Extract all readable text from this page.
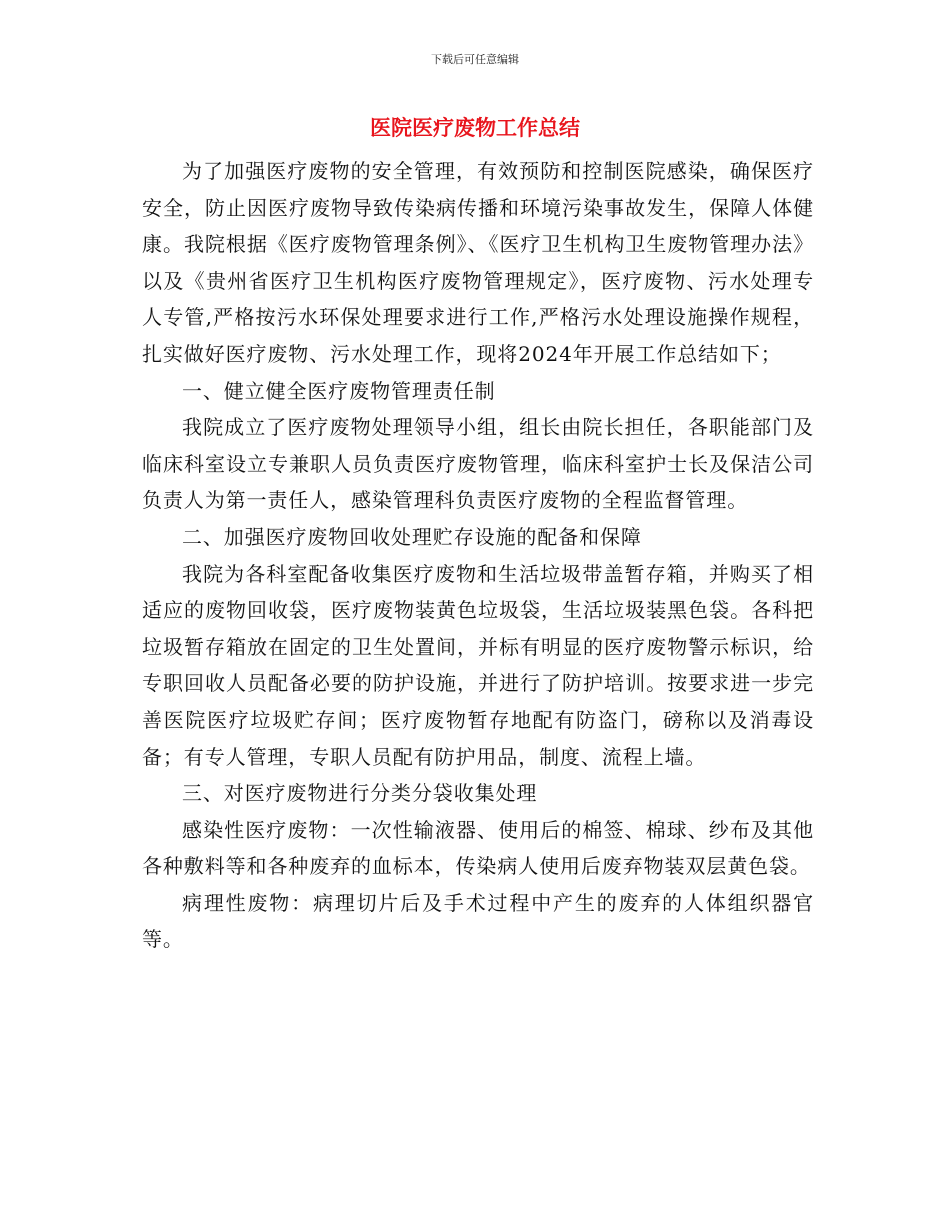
下载后可任意编辑
医院医疗废物工作总结

为了加强医疗废物的安全管理，有效预防和控制医院感染，确保医疗安全，防止因医疗废物导致传染病传播和环境污染事故发生，保障人体健康。我院根据《医疗废物管理条例》、《医疗卫生机构卫生废物管理办法》以及《贵州省医疗卫生机构医疗废物管理规定》，医疗废物、污水处理专人专管,严格按污水环保处理要求进行工作,严格污水处理设施操作规程，扎实做好医疗废物、污水处理工作，现将2024年开展工作总结如下；

一、健立健全医疗废物管理责任制

我院成立了医疗废物处理领导小组，组长由院长担任，各职能部门及临床科室设立专兼职人员负责医疗废物管理，临床科室护士长及保洁公司负责人为第一责任人，感染管理科负责医疗废物的全程监督管理。

二、加强医疗废物回收处理贮存设施的配备和保障

我院为各科室配备收集医疗废物和生活垃圾带盖暂存箱，并购买了相适应的废物回收袋，医疗废物装黄色垃圾袋，生活垃圾装黑色袋。各科把垃圾暂存箱放在固定的卫生处置间，并标有明显的医疗废物警示标识，给专职回收人员配备必要的防护设施，并进行了防护培训。按要求进一步完善医院医疗垃圾贮存间；医疗废物暂存地配有防盗门，磅称以及消毒设备；有专人管理，专职人员配有防护用品，制度、流程上墙。

三、对医疗废物进行分类分袋收集处理

感染性医疗废物：一次性输液器、使用后的棉签、棉球、纱布及其他各种敷料等和各种废弃的血标本，传染病人使用后废弃物装双层黄色袋。

病理性废物：病理切片后及手术过程中产生的废弃的人体组织器官等。
